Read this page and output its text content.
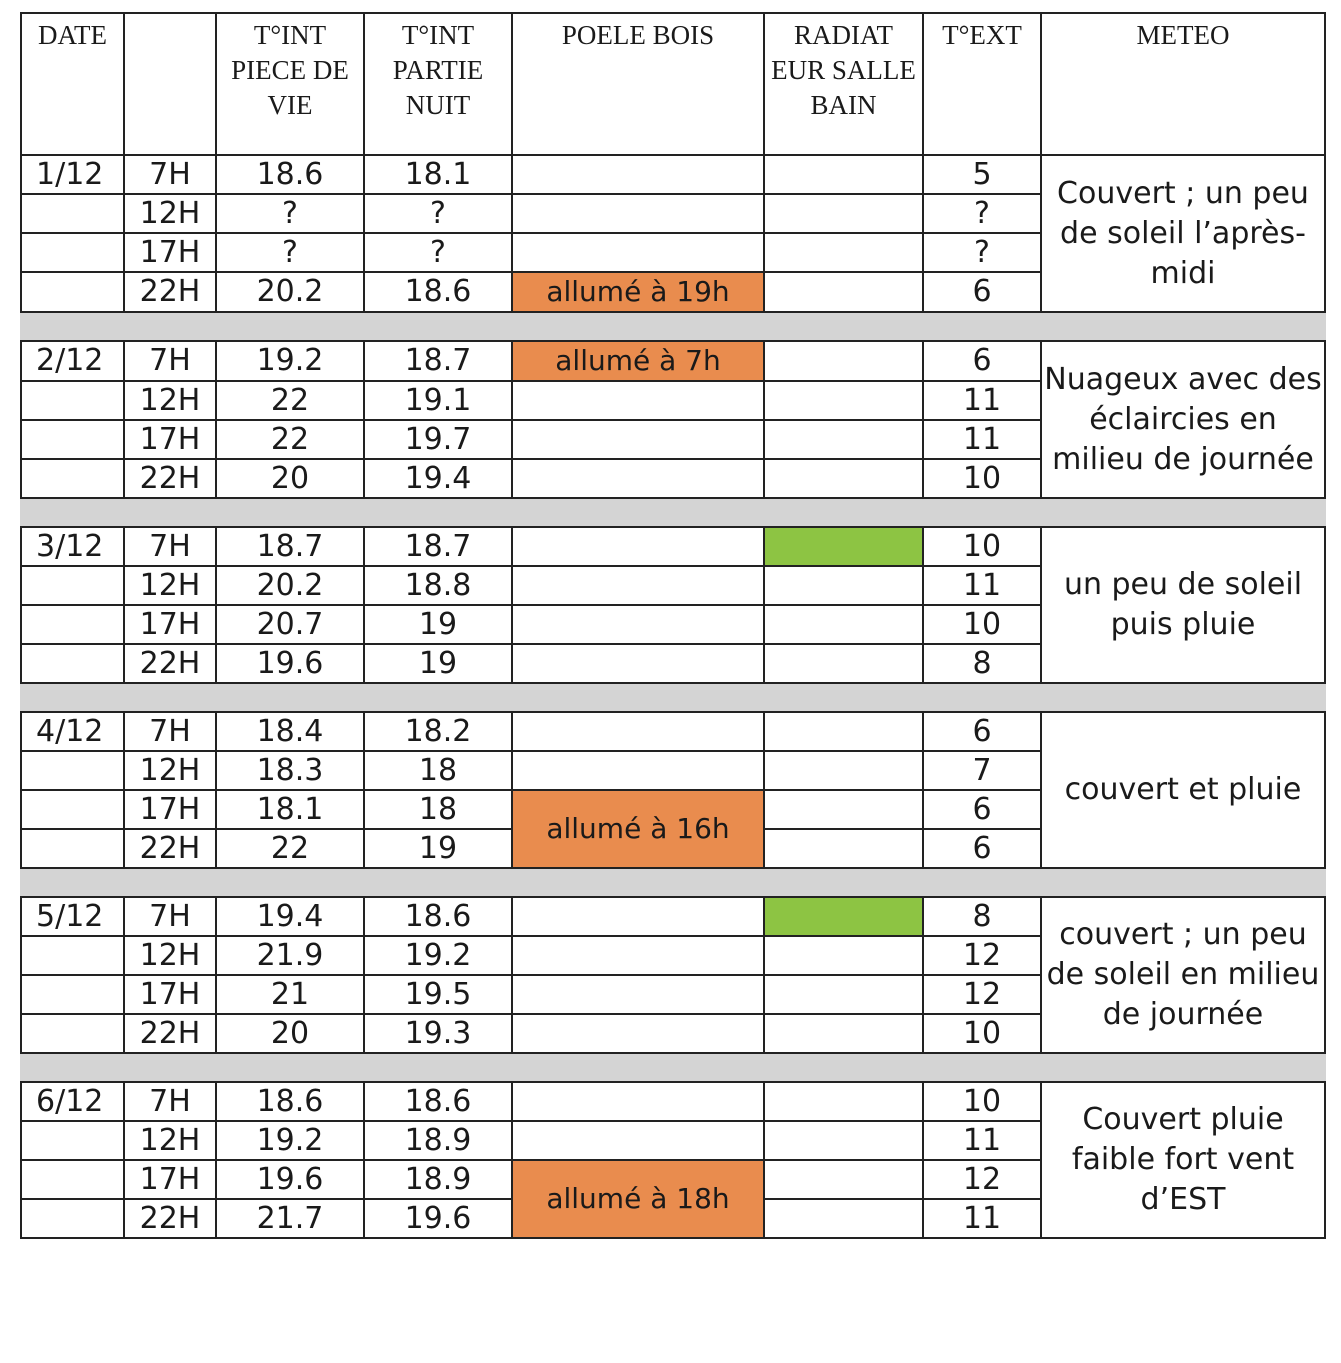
DATE		T°INT PIECE DE VIE	T°INT PARTIE NUIT	POELE BOIS	RADIAT EUR SALLE BAIN	T°EXT	METEO
1/12	7H	18.6	18.1			5	Couvert ; un peu de soleil l’après-midi
	12H	?	?			?	
	17H	?	?			?	
	22H	20.2	18.6	allumé à 19h		6	

2/12	7H	19.2	18.7	allumé à 7h		6	Nuageux avec des éclaircies en milieu de journée
	12H	22	19.1			11	
	17H	22	19.7			11	
	22H	20	19.4			10	

3/12	7H	18.7	18.7			10	un peu de soleil puis pluie
	12H	20.2	18.8			11	
	17H	20.7	19			10	
	22H	19.6	19			8	

4/12	7H	18.4	18.2			6	couvert et pluie
	12H	18.3	18			7	
	17H	18.1	18	allumé à 16h		6	
	22H	22	19			6	

5/12	7H	19.4	18.6			8	couvert ; un peu de soleil en milieu de journée
	12H	21.9	19.2			12	
	17H	21	19.5			12	
	22H	20	19.3			10	

6/12	7H	18.6	18.6			10	Couvert pluie faible fort vent d’EST
	12H	19.2	18.9			11	
	17H	19.6	18.9	allumé à 18h		12	
	22H	21.7	19.6			11	
